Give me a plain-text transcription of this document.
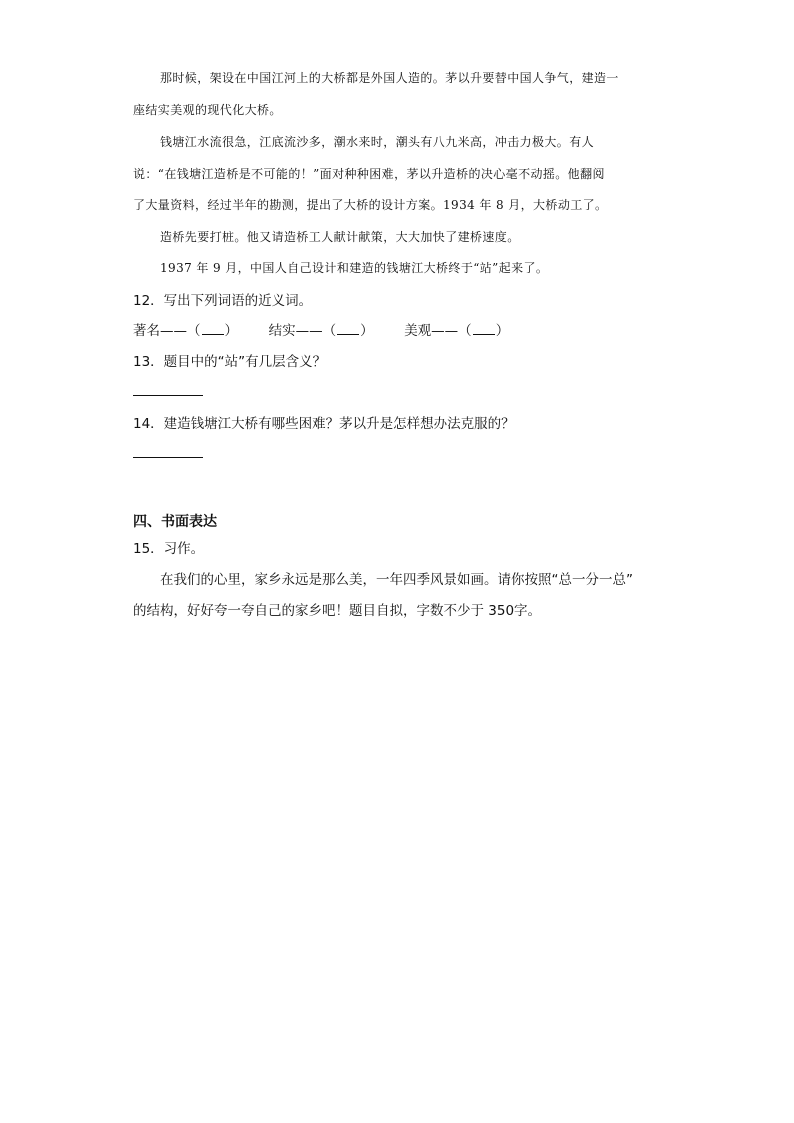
那时候，架设在中国江河上的大桥都是外国人造的。茅以升要替中国人争气，建造一
座结实美观的现代化大桥。
钱塘江水流很急，江底流沙多，潮水来时，潮头有八九米高，冲击力极大。有人
说：“在钱塘江造桥是不可能的！”面对种种困难，茅以升造桥的决心毫不动摇。他翻阅
了大量资料，经过半年的勘测，提出了大桥的设计方案。1934 年 8 月，大桥动工了。
造桥先要打桩。他又请造桥工人献计献策，大大加快了建桥速度。
1937 年 9 月，中国人自己设计和建造的钱塘江大桥终于“站”起来了。
12．写出下列词语的近义词。
著名——（ ） 结实——（ ） 美观——（ ）
13．题目中的“站”有几层含义？
14．建造钱塘江大桥有哪些困难？茅以升是怎样想办法克服的？
四、书面表达
15．习作。
在我们的心里，家乡永远是那么美，一年四季风景如画。请你按照“总一分一总”
的结构，好好夸一夸自己的家乡吧！题目自拟，字数不少于 350字。
